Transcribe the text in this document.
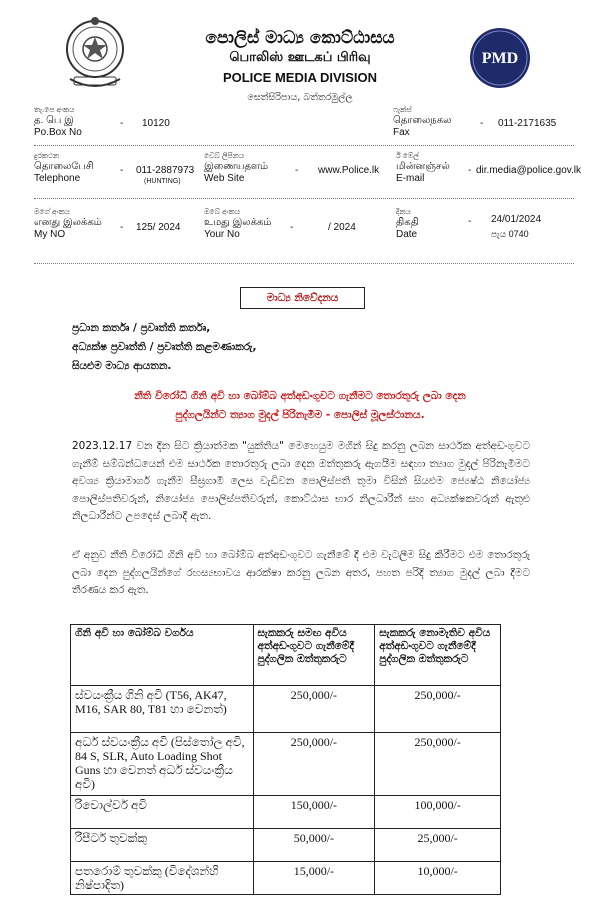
PMD
පොලිස් මාධ්‍ය කොට්ඨාසය
பொலிஸ் ஊடகப் பிரிவு
POLICE MEDIA DIVISION
සෙත්සිරිපාය, බත්තරමුල්ල
තැ.පෙ අංකය
த. பெ இ
Po.Box No
- 10120
ෆැක්ස්
தொலைநகல
Fax
- 011-2171635
දුරකථන
தொலைபேசி
Telephone
- 011-2887973
(HUNTING)
වෙබ් ලිපිනය
இணையதளம்
Web Site
- www.Police.lk
ඊ මේල්
மின்னஞ்சல்
E-mail
- dir.media@police.gov.lk
මගේ අංකය
எனது இலக்கம்
My NO
- 125/ 2024
ඔබේ අංකය
உமது இலக்கம்
Your No
-	/ 2024
දිනය
திகதி
Date
- 24/01/2024
පැය 0740
මාධ්‍ය නිවේදනය
ප්‍රධාන කර්තෘ / ප්‍රවෘත්ති කර්තෘ,
අධ්‍යක්ෂ ප්‍රවෘත්ති / ප්‍රවෘත්ති කළමණාකරු,
සියළුම මාධ්‍ය ආයතන.
නීති විරෝධී ගිනි අවි හා බෝම්බ අත්අඩංගුවට ගැනීමට තොරතුරු ලබා දෙන
පුද්ගලයින්ට ත්‍යාග මුදල් පිරිනැමීම - පොලිස් මූලස්ථානය.
2023.12.17 වන දින සිට ක්‍රියාත්මක "යුක්තිය" මෙහෙයුම මගින් සිදු කරනු ලබන සාර්ථක අත්අඩංගුවට ගැනීම් සම්බන්ධයෙන් එම සාර්ථක තොරතුරු ලබා දෙන ඔත්තුකරු ඇගයීම සඳහා ත්‍යාග මුදල් පිරිනැමීමට අවශ්‍ය ක්‍රියාමාර්ග ගැනීම සීඝ්‍රගාමී ලෙස වැඩිවන පොලිස්පති තුමා විසින් සියළුම ජ්‍යෙෂ්ඨ නියෝජ්‍ය පොලිස්පතිවරුන්, නියෝජ්‍ය පොලිස්පතිවරුන්, කොට්ඨාස භාර නිලධාරීන් සහ අධ්‍යක්ෂකවරුන් ඇතුළු නිලධාරීන්ට උපදෙස් ලබාදී ඇත.
ඒ අනුව නීති විරෝධී ගිනි අවි හා බෝම්බ අත්අඩංගුවට ගැනීමේ දී එම වැටලීම සිදු කිරීමට එම තොරතුරු ලබා දෙන පුද්ගලයින්ගේ රහස්‍යභාවය ආරක්ෂා කරනු ලබන අතර, පහත පරිදි ත්‍යාග මුදල් ලබා දීමට තීරණය කර ඇත.
ගිනි අවි හා බෝම්බ වර්ගය	සැකකරු සමඟ අවිය අත්අඩංගුවට ගැනීමේදී පුද්ගලික ඔත්තුකරුට	සැකකරු නොමැතිව අවිය අත්අඩංගුවට ගැනීමේදී පුද්ගලික ඔත්තුකරුට
ස්වයංක්‍රීය ගිනි අවි (T56, AK47, M16, SAR 80, T81 හා වෙනත්)	250,000/-	250,000/-
අර්ධ ස්වයංක්‍රීය අවි (පිස්තෝල අවි, 84 S, SLR, Auto Loading Shot Guns හා වෙනත් අර්ධ ස්වයංක්‍රීය අවි)	250,000/-	250,000/-
රිවොල්වර් අවි	150,000/-	100,000/-
රිපීටර් තුවක්කු	50,000/-	25,000/-
පතරොම් තුවක්කු (විදේශන්හි නිෂ්පාදිත)	15,000/-	10,000/-
